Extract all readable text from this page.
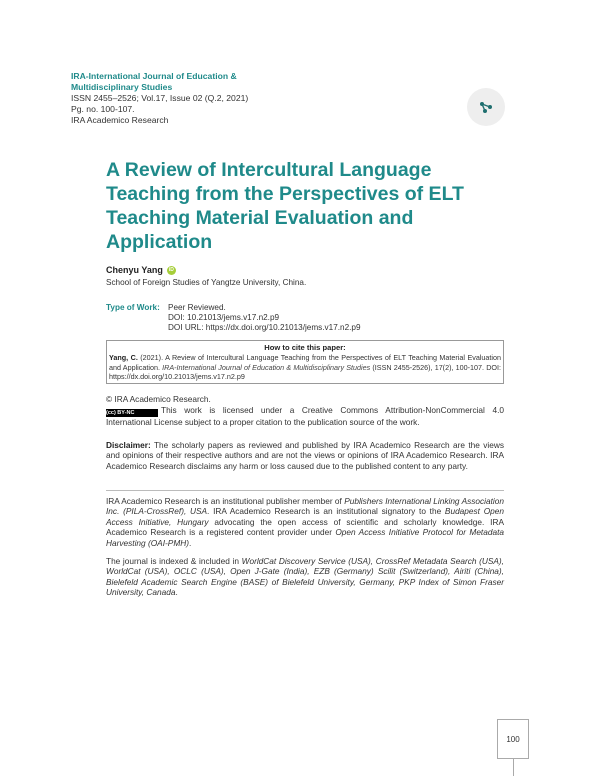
IRA-International Journal of Education &
Multidisciplinary Studies
ISSN 2455–2526; Vol.17, Issue 02 (Q.2, 2021)
Pg. no. 100-107.
IRA Academico Research
A Review of Intercultural Language Teaching from the Perspectives of ELT Teaching Material Evaluation and Application
Chenyu Yang iD
School of Foreign Studies of Yangtze University, China.
Type of Work: Peer Reviewed.
DOI: 10.21013/jems.v17.n2.p9
DOI URL: https://dx.doi.org/10.21013/jems.v17.n2.p9
How to cite this paper:
Yang, C. (2021). A Review of Intercultural Language Teaching from the Perspectives of ELT Teaching Material Evaluation and Application. IRA-International Journal of Education & Multidisciplinary Studies (ISSN 2455-2526), 17(2), 100-107. DOI: https://dx.doi.org/10.21013/jems.v17.n2.p9
© IRA Academico Research.
(cc) BY-NC	This work is licensed under a Creative Commons Attribution-NonCommercial 4.0 International License subject to a proper citation to the publication source of the work.
Disclaimer: The scholarly papers as reviewed and published by IRA Academico Research are the views and opinions of their respective authors and are not the views or opinions of IRA Academico Research. IRA Academico Research disclaims any harm or loss caused due to the published content to any party.
IRA Academico Research is an institutional publisher member of Publishers International Linking Association Inc. (PILA-CrossRef), USA. IRA Academico Research is an institutional signatory to the Budapest Open Access Initiative, Hungary advocating the open access of scientific and scholarly knowledge. IRA Academico Research is a registered content provider under Open Access Initiative Protocol for Metadata Harvesting (OAI-PMH).
The journal is indexed & included in WorldCat Discovery Service (USA), CrossRef Metadata Search (USA), WorldCat (USA), OCLC (USA), Open J-Gate (India), EZB (Germany) Scilit (Switzerland), Airiti (China), Bielefeld Academic Search Engine (BASE) of Bielefeld University, Germany, PKP Index of Simon Fraser University, Canada.
100
